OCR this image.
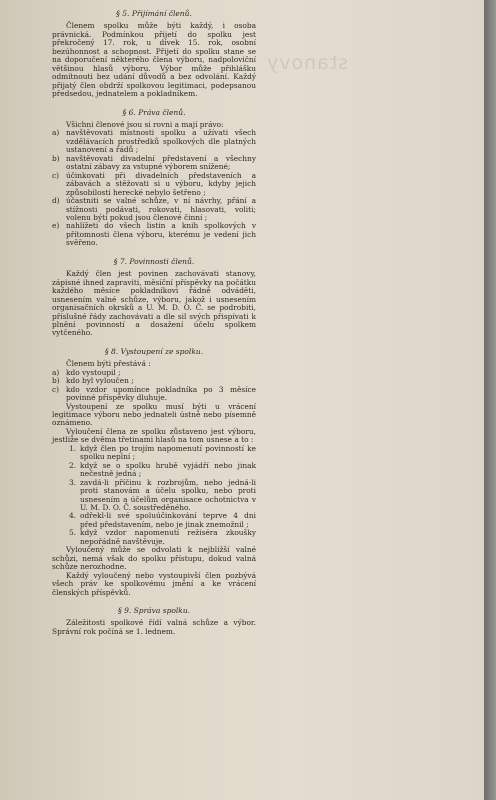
stanovy
§ 5. Přijímání členů.
Členem spolku může býti každý, i osoba právnická. Podmínkou přijetí do spolku jest překročený 17. rok, u dívek 15. rok, osobní bezúhonnost a schopnost. Přijetí do spolku stane se na doporučení některého člena výboru, nadpoloviční většinou hlasů výboru. Výbor může přihlášku odmítnouti bez udání důvodů a bez odvolání. Každý přijatý člen obdrží spolkovou legitimaci, podepsanou předsedou, jednatelem a pokladníkem.
§ 6. Práva členů.
Všichni členové jsou si rovni a mají právo:
a) navštěvovati místnosti spolku a užívati všech vzdělávacích prostředků spolkových dle platných ustanovení a řádů ;
b) navštěvovati divadelní představení a všechny ostatní zábavy za vstupné výborem snížené;
c) účinkovati při divadelních představeních a zábavách a stěžovati si u výboru, kdyby jejich způsobilosti herecké nebylo šetřeno ;
d) účastniti se valné schůze, v ní návrhy, přání a stížnosti podávati, rokovati, hlasovati, voliti; volenu býti pokud jsou členové činní ;
e) nahlížeti do všech listin a knih spolkových v přítomnosti člena výboru, kterému je vedení jich svěřeno.
§ 7. Povinnosti členů.
Každý člen jest povinen zachovávati stanovy, zápisné ihned zapraviti, měsíční příspěvky na počátku každého měsíce pokladníkovi řádně odváděti, usnesením valné schůze, výboru, jakož i usnesením organisačních okrsků a U. M. D. O. Č. se podrobiti, příslušné řády zachovávati a dle sil svých přispívati k plnění povinností a dosažení účelu spolkem vytčeného.
§ 8. Vystoupení ze spolku.
Členem býti přestává :
a) kdo vystoupil ;
b) kdo byl vyloučen ;
c) kdo vzdor upomínce pokladníka po 3 měsíce povinné příspěvky dluhuje.
Vystoupení ze spolku musí býti u vrácení legitimace výboru nebo jednateli ústně nebo písemně oznámeno.
Vyloučení člena ze spolku zůstaveno jest výboru, jestliže se dvěma třetinami hlasů na tom usnese a to :
1. když člen po trojím napomenutí povinností ke spolku neplní ;
2. když se o spolku hrubě vyjádří nebo jinak nečestně jedná ;
3. zavdá-li příčinu k rozbrojům, nebo jedná-li proti stanovám a účelu spolku, nebo proti usnesením a účelům organisace ochotnictva v U. M. D. O. Č. soustředěného.
4. odřekl-li své spoluúčinkování teprve 4 dni před představením, nebo je jinak znemožnil ;
5. když vzdor napomenutí režiséra zkoušky nepořádně navštěvuje.
Vyloučený může se odvolati k nejbližší valné schůzi, nemá však do spolku přístupu, dokud valná schůze nerozhodne.
Každý vyloučený nebo vystoupivší člen pozbývá všech práv ke spolkovému jmění a ke vrácení členských příspěvků.
§ 9. Správa spolku.
Záležitosti spolkové řídí valná schůze a výbor. Správní rok počíná se 1. lednem.
